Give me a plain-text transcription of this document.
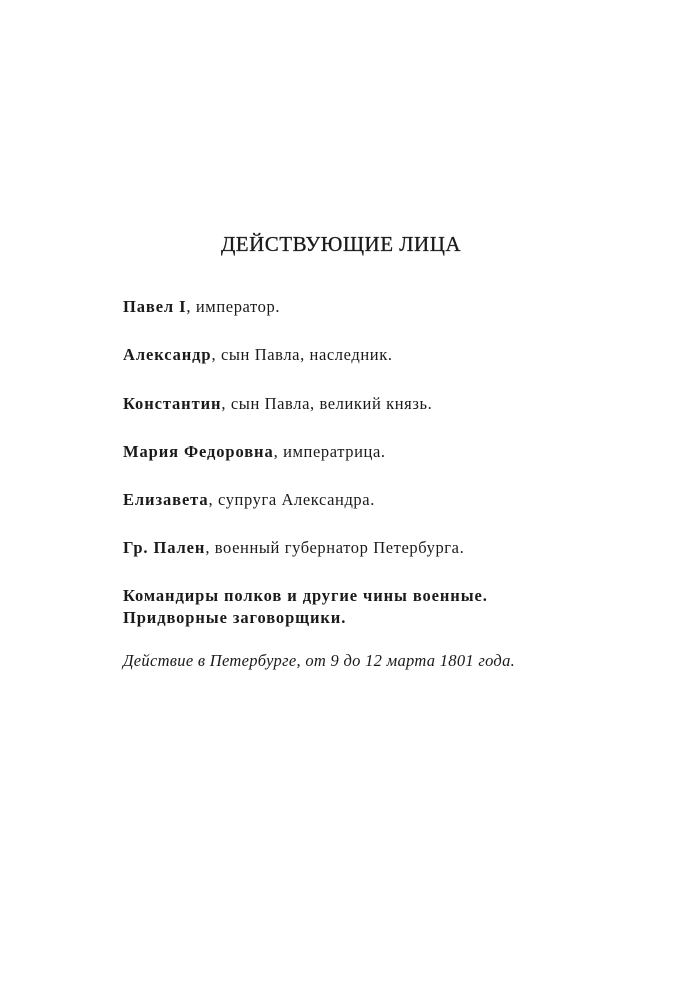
ДЕЙСТВУЮЩИЕ ЛИЦА

Павел I, император.

Александр, сын Павла, наследник.

Константин, сын Павла, великий князь.

Мария Федоровна, императрица.

Елизавета, супруга Александра.

Гр. Пален, военный губернатор Петербурга.

Командиры полков и другие чины военные.

Придворные заговорщики.

Действие в Петербурге, от 9 до 12 марта 1801 года.
